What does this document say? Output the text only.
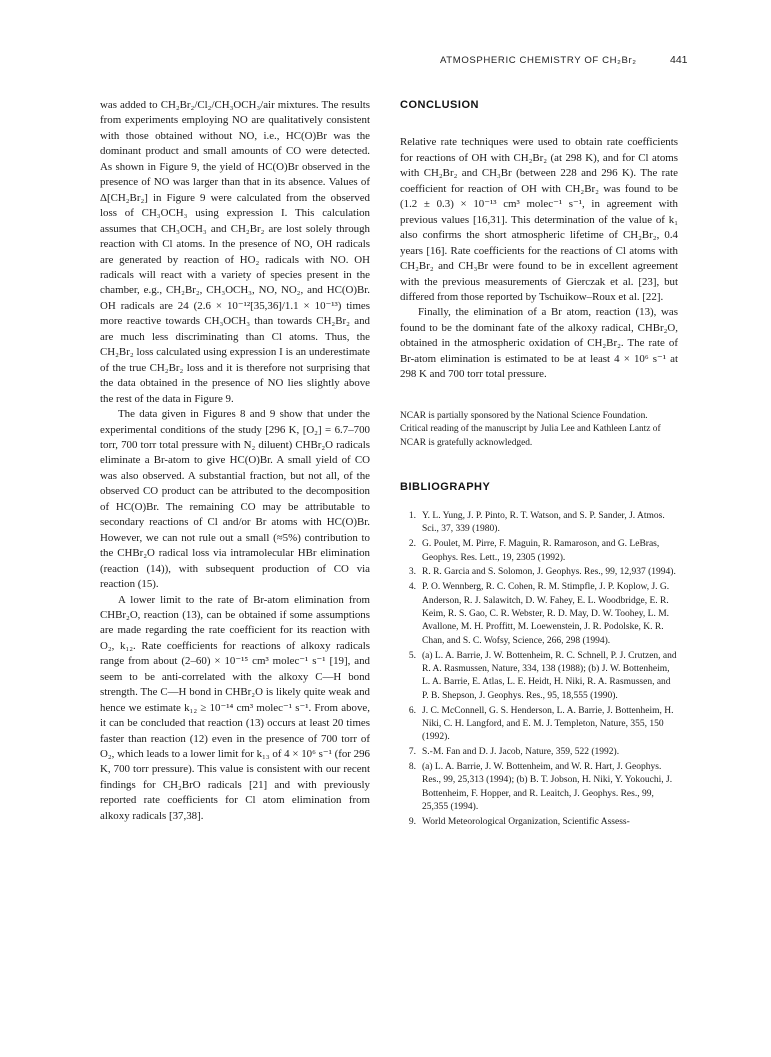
ATMOSPHERIC CHEMISTRY OF CH₂Br₂	441

was added to CH₂Br₂/Cl₂/CH₃OCH₃/air mixtures. The results from experiments employing NO are qualitatively consistent with those obtained without NO, i.e., HC(O)Br was the dominant product and small amounts of CO were detected. As shown in Figure 9, the yield of HC(O)Br observed in the presence of NO was larger than that in its absence. Values of Δ[CH₂Br₂] in Figure 9 were calculated from the observed loss of CH₃OCH₃ using expression I. This calculation assumes that CH₃OCH₃ and CH₂Br₂ are lost solely through reaction with Cl atoms. In the presence of NO, OH radicals are generated by reaction of HO₂ radicals with NO. OH radicals will react with a variety of species present in the chamber, e.g., CH₂Br₂, CH₃OCH₃, NO, NO₂, and HC(O)Br. OH radicals are 24 (2.6 × 10⁻¹²[35,36]/1.1 × 10⁻¹³) times more reactive towards CH₃OCH₃ than towards CH₂Br₂ and are much less discriminating than Cl atoms. Thus, the CH₂Br₂ loss calculated using expression I is an underestimate of the true CH₂Br₂ loss and it is therefore not surprising that the data obtained in the presence of NO lies slightly above the rest of the data in Figure 9.

The data given in Figures 8 and 9 show that under the experimental conditions of the study [296 K, [O₂] = 6.7–700 torr, 700 torr total pressure with N₂ diluent) CHBr₂O radicals eliminate a Br-atom to give HC(O)Br. A small yield of CO was also observed. A substantial fraction, but not all, of the observed CO product can be attributed to the decomposition of HC(O)Br. The remaining CO may be attributable to secondary reactions of Cl and/or Br atoms with HC(O)Br. However, we can not rule out a small (≈5%) contribution to the CHBr₂O radical loss via intramolecular HBr elimination (reaction (14)), with subsequent production of CO via reaction (15).

A lower limit to the rate of Br-atom elimination from CHBr₂O, reaction (13), can be obtained if some assumptions are made regarding the rate coefficient for its reaction with O₂, k₁₂. Rate coefficients for reactions of alkoxy radicals range from about (2–60) × 10⁻¹⁵ cm³ molec⁻¹ s⁻¹ [19], and seem to be anti-correlated with the alkoxy C—H bond strength. The C—H bond in CHBr₂O is likely quite weak and hence we estimate k₁₂ ≥ 10⁻¹⁴ cm³ molec⁻¹ s⁻¹. From above, it can be concluded that reaction (13) occurs at least 20 times faster than reaction (12) even in the presence of 700 torr of O₂, which leads to a lower limit for k₁₃ of 4 × 10⁶ s⁻¹ (for 296 K, 700 torr pressure). This value is consistent with our recent findings for CH₂BrO radicals [21] and with previously reported rate coefficients for Cl atom elimination from alkoxy radicals [37,38].

CONCLUSION

Relative rate techniques were used to obtain rate coefficients for reactions of OH with CH₂Br₂ (at 298 K), and for Cl atoms with CH₂Br₂ and CH₃Br (between 228 and 296 K). The rate coefficient for reaction of OH with CH₂Br₂ was found to be (1.2 ± 0.3) × 10⁻¹³ cm³ molec⁻¹ s⁻¹, in agreement with previous values [16,31]. This determination of the value of k₁ also confirms the short atmospheric lifetime of CH₂Br₂, 0.4 years [16]. Rate coefficients for the reactions of Cl atoms with CH₂Br₂ and CH₃Br were found to be in excellent agreement with the previous measurements of Gierczak et al. [23], but differed from those reported by Tschuikow–Roux et al. [22].

Finally, the elimination of a Br atom, reaction (13), was found to be the dominant fate of the alkoxy radical, CHBr₂O, obtained in the atmospheric oxidation of CH₂Br₂. The rate of Br-atom elimination is estimated to be at least 4 × 10⁶ s⁻¹ at 298 K and 700 torr total pressure.

NCAR is partially sponsored by the National Science Foundation. Critical reading of the manuscript by Julia Lee and Kathleen Lantz of NCAR is gratefully acknowledged.

BIBLIOGRAPHY
1. Y. L. Yung, J. P. Pinto, R. T. Watson, and S. P. Sander, J. Atmos. Sci., 37, 339 (1980).
2. G. Poulet, M. Pirre, F. Maguin, R. Ramaroson, and G. LeBras, Geophys. Res. Lett., 19, 2305 (1992).
3. R. R. Garcia and S. Solomon, J. Geophys. Res., 99, 12,937 (1994).
4. P. O. Wennberg, R. C. Cohen, R. M. Stimpfle, J. P. Koplow, J. G. Anderson, R. J. Salawitch, D. W. Fahey, E. L. Woodbridge, E. R. Keim, R. S. Gao, C. R. Webster, R. D. May, D. W. Toohey, L. M. Avallone, M. H. Proffitt, M. Loewenstein, J. R. Podolske, K. R. Chan, and S. C. Wofsy, Science, 266, 298 (1994).
5. (a) L. A. Barrie, J. W. Bottenheim, R. C. Schnell, P. J. Crutzen, and R. A. Rasmussen, Nature, 334, 138 (1988); (b) J. W. Bottenheim, L. A. Barrie, E. Atlas, L. E. Heidt, H. Niki, R. A. Rasmussen, and P. B. Shepson, J. Geophys. Res., 95, 18,555 (1990).
6. J. C. McConnell, G. S. Henderson, L. A. Barrie, J. Bottenheim, H. Niki, C. H. Langford, and E. M. J. Templeton, Nature, 355, 150 (1992).
7. S.-M. Fan and D. J. Jacob, Nature, 359, 522 (1992).
8. (a) L. A. Barrie, J. W. Bottenheim, and W. R. Hart, J. Geophys. Res., 99, 25,313 (1994); (b) B. T. Jobson, H. Niki, Y. Yokouchi, J. Bottenheim, F. Hopper, and R. Leaitch, J. Geophys. Res., 99, 25,355 (1994).
9. World Meteorological Organization, Scientific Assess-
